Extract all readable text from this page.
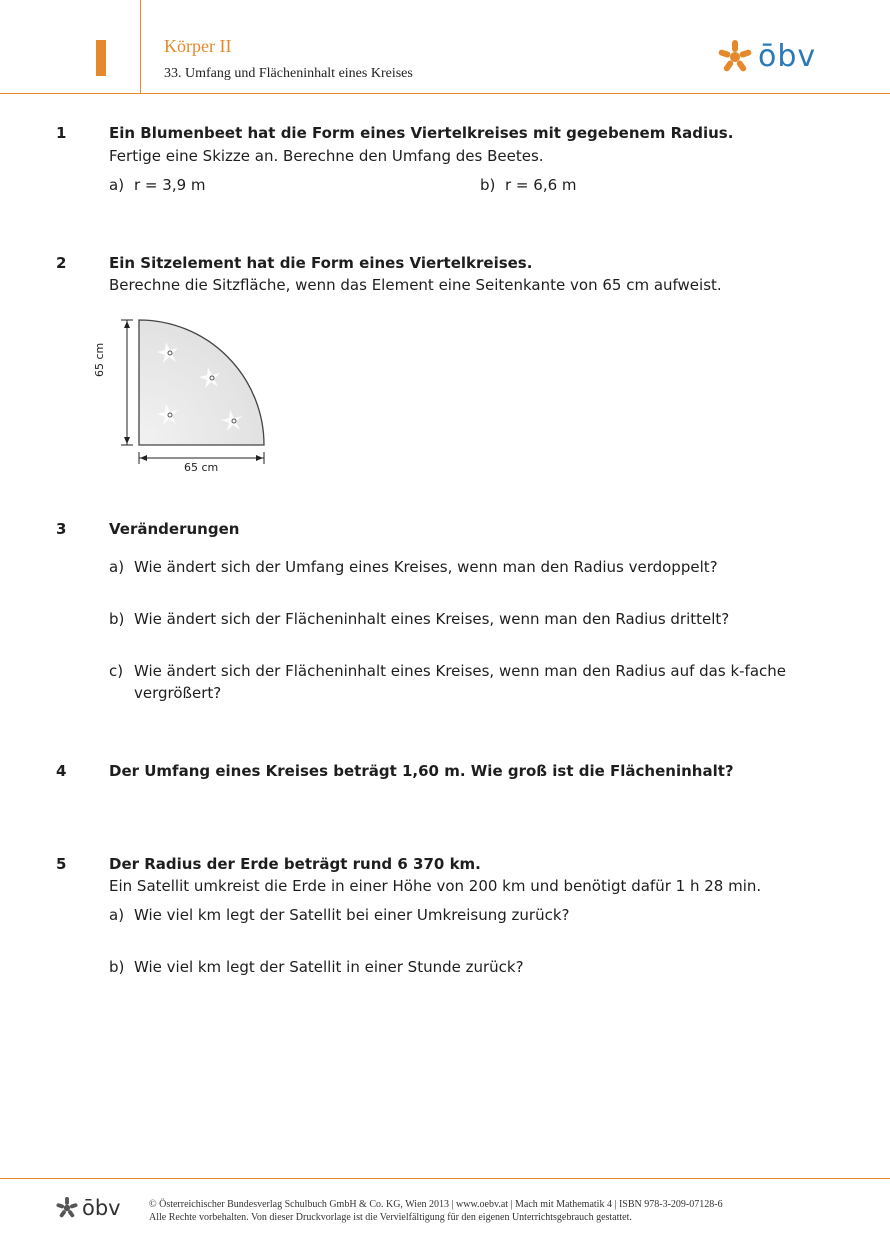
Körper II
33. Umfang und Flächeninhalt eines Kreises	ōbv
1	Ein Blumenbeet hat die Form eines Viertelkreises mit gegebenem Radius.
Fertige eine Skizze an. Berechne den Umfang des Beetes.
a) r = 3,9 m	b) r = 6,6 m
2	Ein Sitzelement hat die Form eines Viertelkreises.
Berechne die Sitzfläche, wenn das Element eine Seitenkante von 65 cm aufweist.
65 cm
65 cm
3	Veränderungen
a) Wie ändert sich der Umfang eines Kreises, wenn man den Radius verdoppelt?
b) Wie ändert sich der Flächeninhalt eines Kreises, wenn man den Radius drittelt?
c) Wie ändert sich der Flächeninhalt eines Kreises, wenn man den Radius auf das k-fache
vergrößert?
4	Der Umfang eines Kreises beträgt 1,60 m. Wie groß ist die Flächeninhalt?
5	Der Radius der Erde beträgt rund 6 370 km.
Ein Satellit umkreist die Erde in einer Höhe von 200 km und benötigt dafür 1 h 28 min.
a) Wie viel km legt der Satellit bei einer Umkreisung zurück?
b) Wie viel km legt der Satellit in einer Stunde zurück?
ōbv	© Österreichischer Bundesverlag Schulbuch GmbH & Co. KG, Wien 2013 | www.oebv.at | Mach mit Mathematik 4 | ISBN 978-3-209-07128-6
Alle Rechte vorbehalten. Von dieser Druckvorlage ist die Vervielfältigung für den eigenen Unterrichtsgebrauch gestattet.
